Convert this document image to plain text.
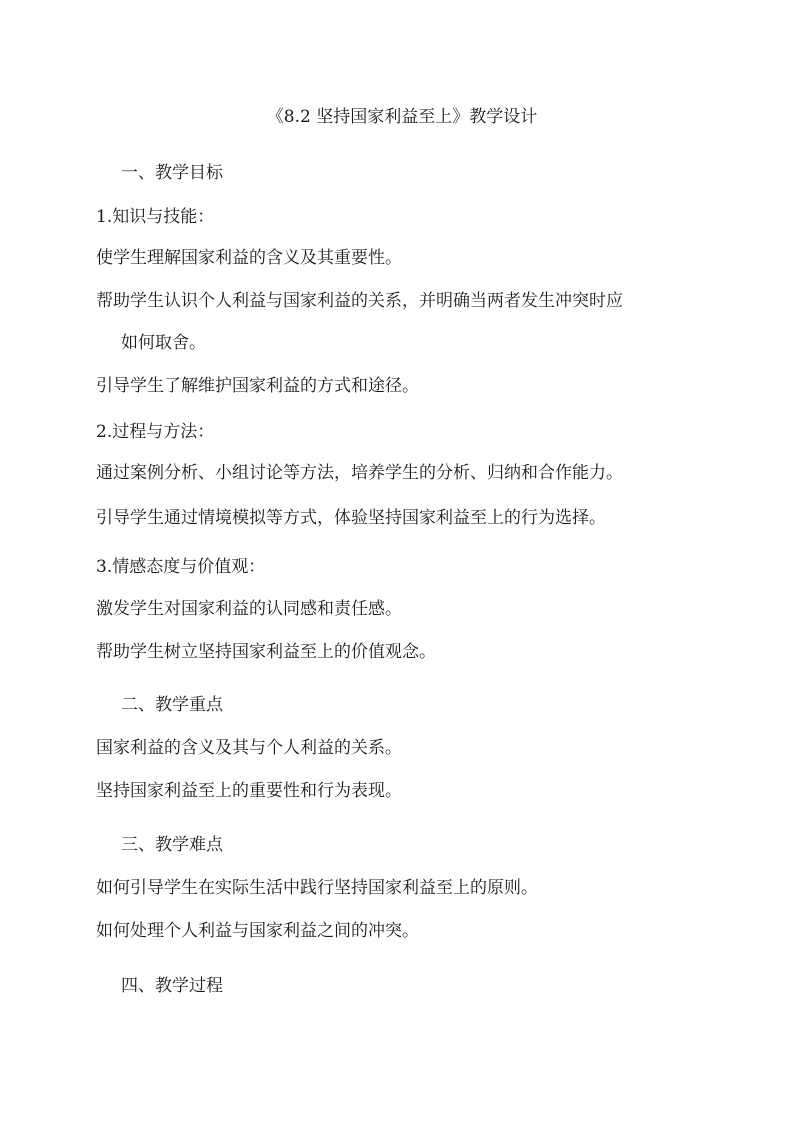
《8.2 坚持国家利益至上》教学设计
一、教学目标
1.知识与技能：
使学生理解国家利益的含义及其重要性。
帮助学生认识个人利益与国家利益的关系，并明确当两者发生冲突时应
如何取舍。
引导学生了解维护国家利益的方式和途径。
2.过程与方法：
通过案例分析、小组讨论等方法，培养学生的分析、归纳和合作能力。
引导学生通过情境模拟等方式，体验坚持国家利益至上的行为选择。
3.情感态度与价值观：
激发学生对国家利益的认同感和责任感。
帮助学生树立坚持国家利益至上的价值观念。
二、教学重点
国家利益的含义及其与个人利益的关系。
坚持国家利益至上的重要性和行为表现。
三、教学难点
如何引导学生在实际生活中践行坚持国家利益至上的原则。
如何处理个人利益与国家利益之间的冲突。
四、教学过程
